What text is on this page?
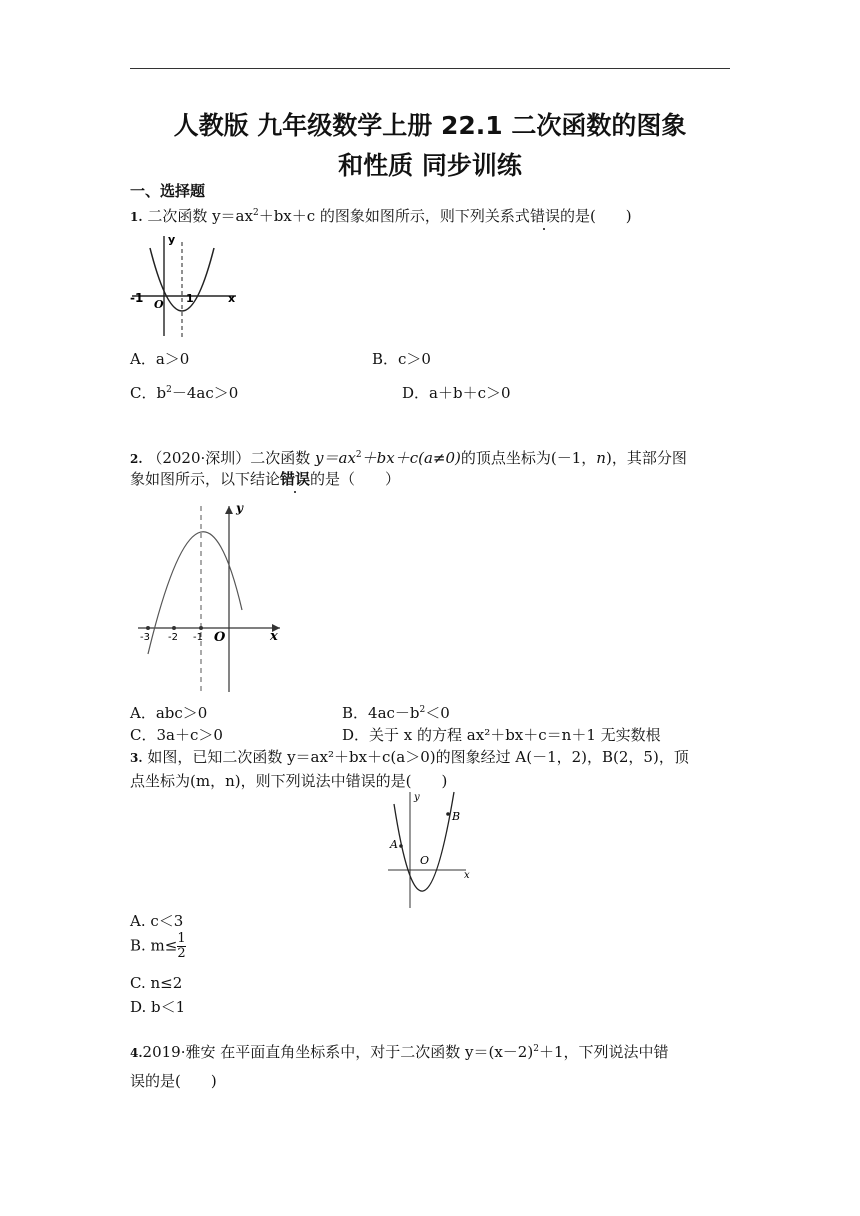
人教版 九年级数学上册 22.1 二次函数的图象
和性质 同步训练
一、选择题
1. 二次函数 $y=ax^2+bx+c$ 的图象如图所示，则下列关系式错误的是(　　)
y
x
-1 O 1
A．a＞0	B．c＞0
C．$b^2-4ac>0$	D．a＋b＋c＞0
2. （2020·深圳）二次函数 $y=ax^2+bx+c(a\ne 0)$的顶点坐标为(－1，n)，其部分图
象如图所示，以下结论错误的是（　　）
y
x
-3 -2 -1 O
A．abc＞0	B．$4ac-b^2<0$
C．3a＋c＞0	D．关于 x 的方程 ax²＋bx＋c＝n＋1 无实数根
3. 如图，已知二次函数 y＝ax²＋bx＋c(a＞0)的图象经过 A(－1，2)，B(2，5)，顶
点坐标为(m，n)，则下列说法中错误的是(　　)
y
x
O
A
B
A. c＜3
B. $m\le \frac{1}{2}$
C. n≤2
D. b＜1
4.2019·雅安 在平面直角坐标系中，对于二次函数 $y=(x-2)^2+1$，下列说法中错
误的是(　　)
